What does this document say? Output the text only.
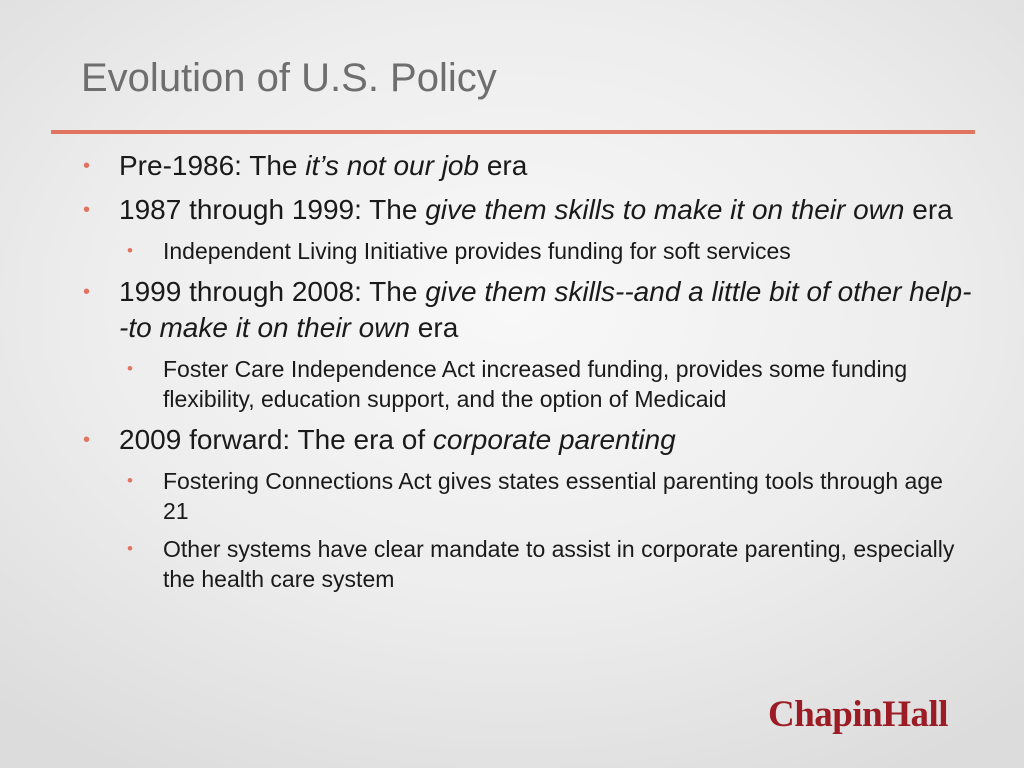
Evolution of U.S. Policy
• Pre-1986: The it’s not our job era
• 1987 through 1999: The give them skills to make it on their own era
• Independent Living Initiative provides funding for soft services
• 1999 through 2008: The give them skills--and a little bit of other help--to make it on their own era
• Foster Care Independence Act increased funding, provides some funding flexibility, education support, and the option of Medicaid
• 2009 forward: The era of corporate parenting
• Fostering Connections Act gives states essential parenting tools through age 21
• Other systems have clear mandate to assist in corporate parenting, especially the health care system
ChapinHall
